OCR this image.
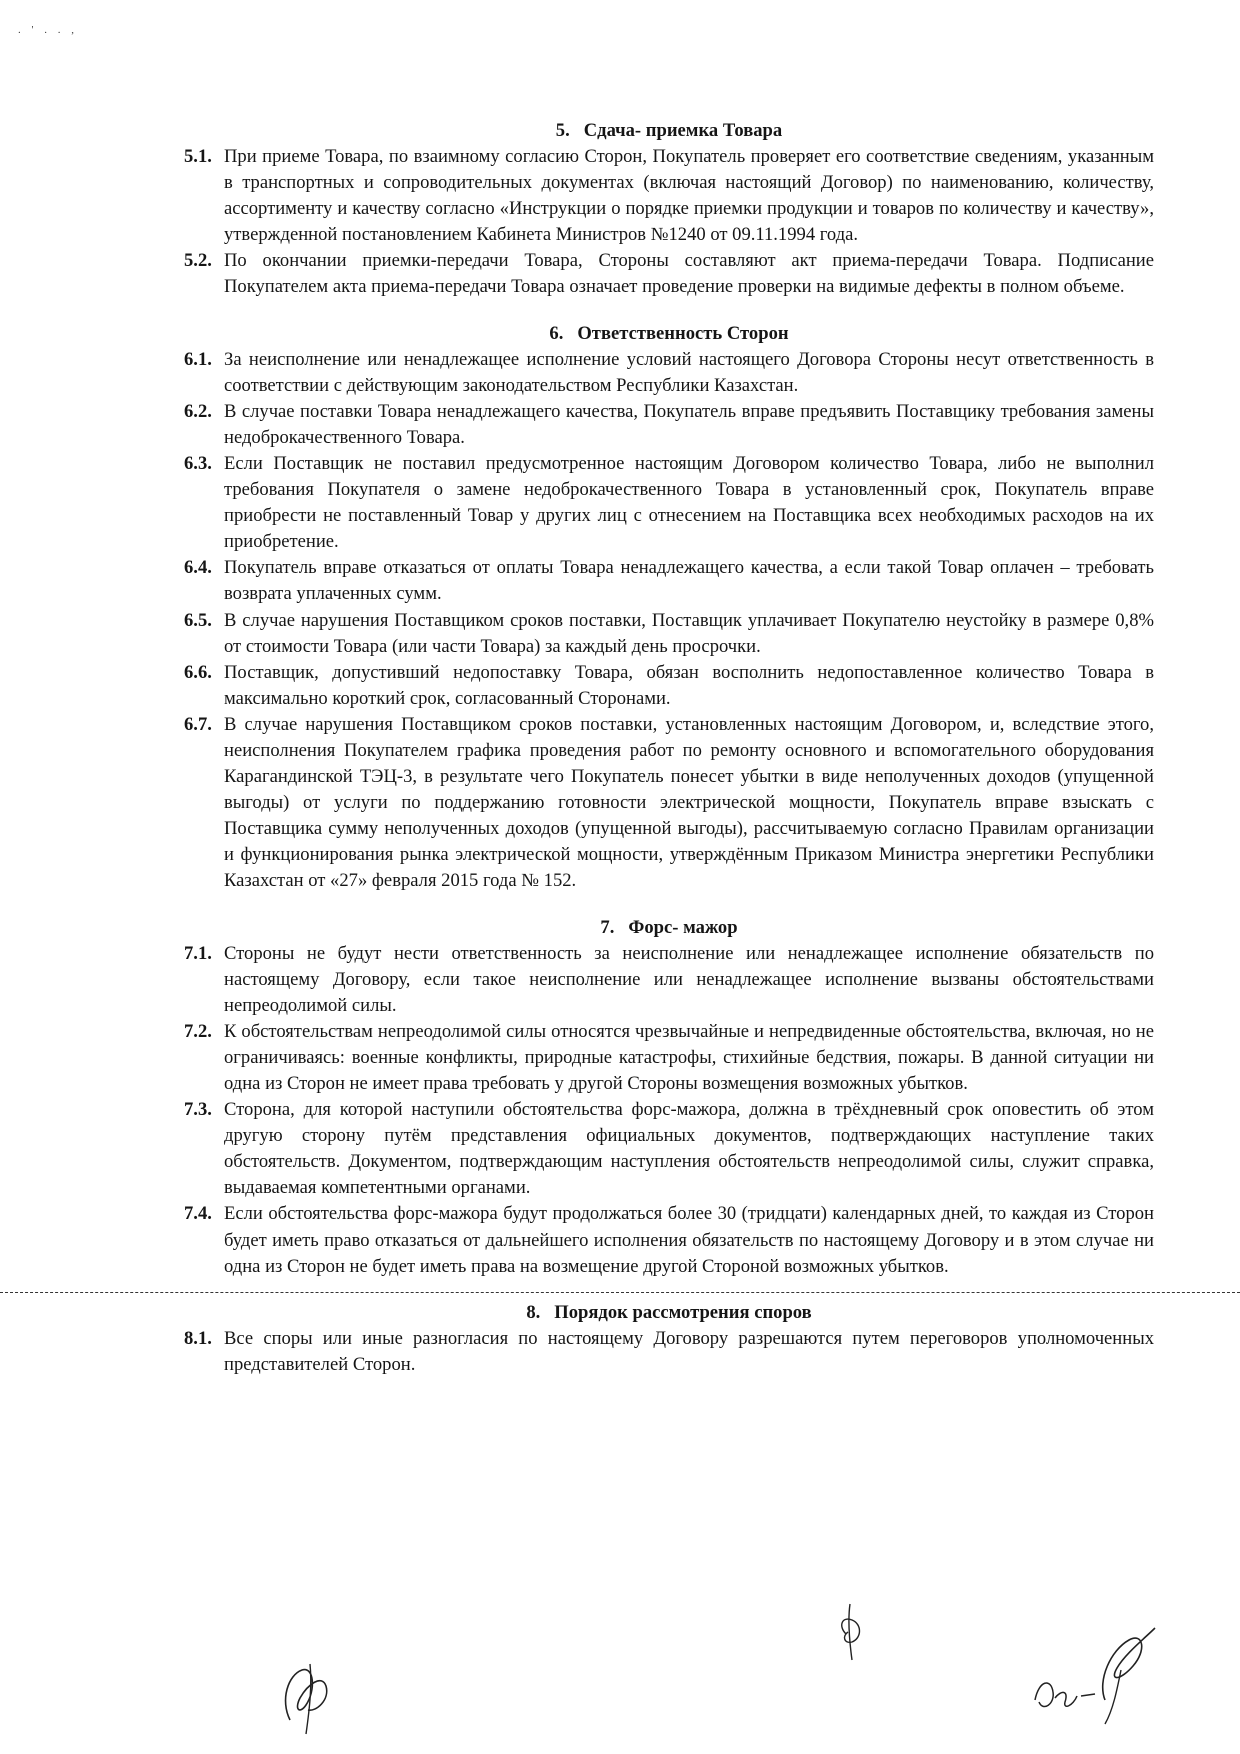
. ' . . ,

5. Сдача- приемка Товара

5.1. При приеме Товара, по взаимному согласию Сторон, Покупатель проверяет его соответствие сведениям, указанным в транспортных и сопроводительных документах (включая настоящий Договор) по наименованию, количеству, ассортименту и качеству согласно «Инструкции о порядке приемки продукции и товаров по количеству и качеству», утвержденной постановлением Кабинета Министров №1240 от 09.11.1994 года.
5.2. По окончании приемки-передачи Товара, Стороны составляют акт приема-передачи Товара. Подписание Покупателем акта приема-передачи Товара означает проведение проверки на видимые дефекты в полном объеме.

6. Ответственность Сторон

6.1. За неисполнение или ненадлежащее исполнение условий настоящего Договора Стороны несут ответственность в соответствии с действующим законодательством Республики Казахстан.
6.2. В случае поставки Товара ненадлежащего качества, Покупатель вправе предъявить Поставщику требования замены недоброкачественного Товара.
6.3. Если Поставщик не поставил предусмотренное настоящим Договором количество Товара, либо не выполнил требования Покупателя о замене недоброкачественного Товара в установленный срок, Покупатель вправе приобрести не поставленный Товар у других лиц с отнесением на Поставщика всех необходимых расходов на их приобретение.
6.4. Покупатель вправе отказаться от оплаты Товара ненадлежащего качества, а если такой Товар оплачен – требовать возврата уплаченных сумм.
6.5. В случае нарушения Поставщиком сроков поставки, Поставщик уплачивает Покупателю неустойку в размере 0,8% от стоимости Товара (или части Товара) за каждый день просрочки.
6.6. Поставщик, допустивший недопоставку Товара, обязан восполнить недопоставленное количество Товара в максимально короткий срок, согласованный Сторонами.
6.7. В случае нарушения Поставщиком сроков поставки, установленных настоящим Договором, и, вследствие этого, неисполнения Покупателем графика проведения работ по ремонту основного и вспомогательного оборудования Карагандинской ТЭЦ-3, в результате чего Покупатель понесет убытки в виде неполученных доходов (упущенной выгоды) от услуги по поддержанию готовности электрической мощности, Покупатель вправе взыскать с Поставщика сумму неполученных доходов (упущенной выгоды), рассчитываемую согласно Правилам организации и функционирования рынка электрической мощности, утверждённым Приказом Министра энергетики Республики Казахстан от «27» февраля 2015 года № 152.

7. Форс- мажор

7.1. Стороны не будут нести ответственность за неисполнение или ненадлежащее исполнение обязательств по настоящему Договору, если такое неисполнение или ненадлежащее исполнение вызваны обстоятельствами непреодолимой силы.
7.2. К обстоятельствам непреодолимой силы относятся чрезвычайные и непредвиденные обстоятельства, включая, но не ограничиваясь: военные конфликты, природные катастрофы, стихийные бедствия, пожары. В данной ситуации ни одна из Сторон не имеет права требовать у другой Стороны возмещения возможных убытков.
7.3. Сторона, для которой наступили обстоятельства форс-мажора, должна в трёхдневный срок оповестить об этом другую сторону путём представления официальных документов, подтверждающих наступление таких обстоятельств. Документом, подтверждающим наступления обстоятельств непреодолимой силы, служит справка, выдаваемая компетентными органами.
7.4. Если обстоятельства форс-мажора будут продолжаться более 30 (тридцати) календарных дней, то каждая из Сторон будет иметь право отказаться от дальнейшего исполнения обязательств по настоящему Договору и в этом случае ни одна из Сторон не будет иметь права на возмещение другой Стороной возможных убытков.

8. Порядок рассмотрения споров

8.1. Все споры или иные разногласия по настоящему Договору разрешаются путем переговоров уполномоченных представителей Сторон.
